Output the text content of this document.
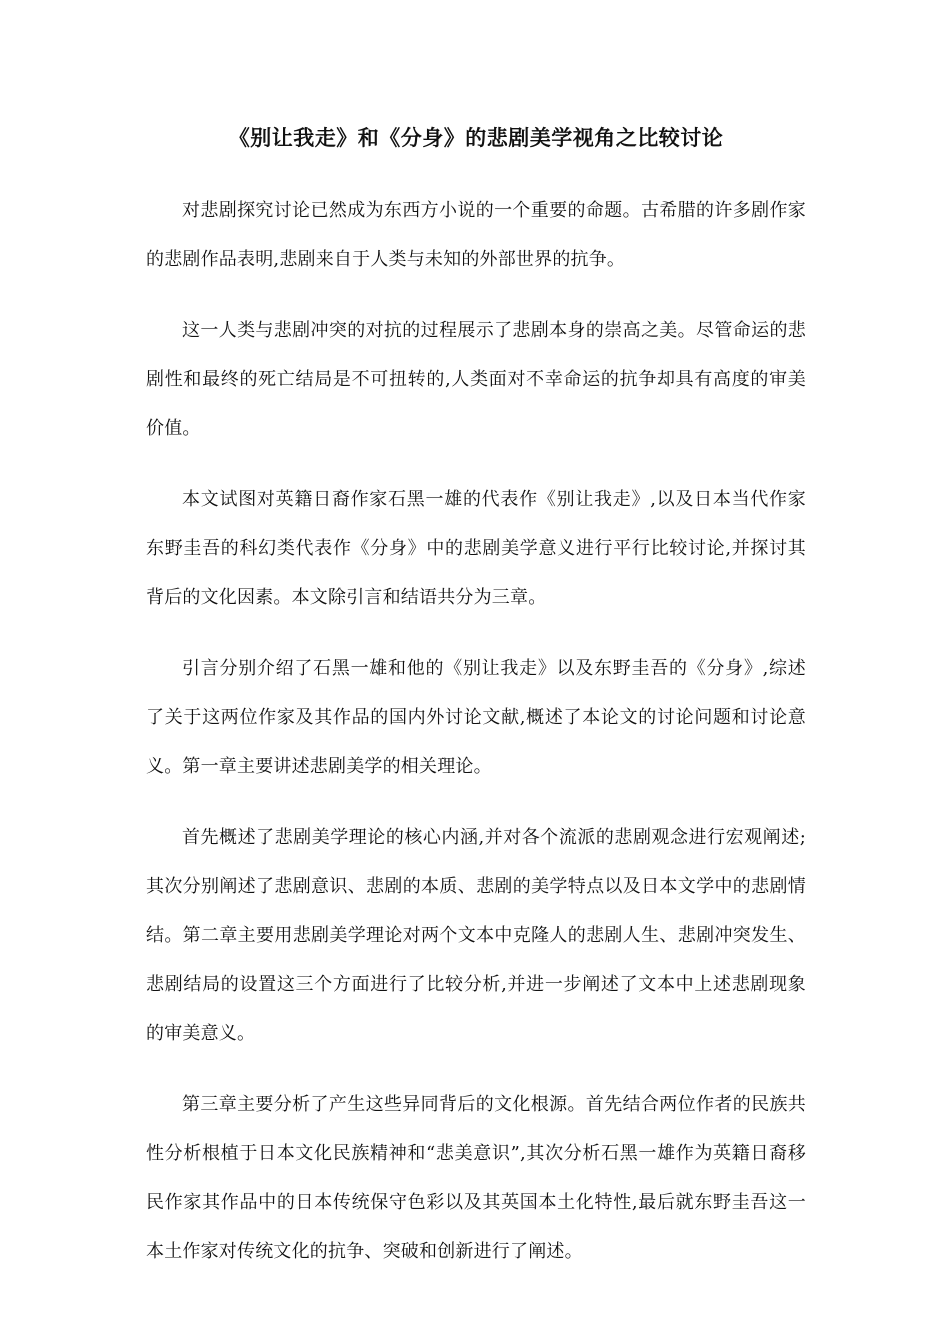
《别让我走》和《分身》的悲剧美学视角之比较讨论

对悲剧探究讨论已然成为东西方小说的一个重要的命题。古希腊的许多剧作家的悲剧作品表明,悲剧来自于人类与未知的外部世界的抗争。

这一人类与悲剧冲突的对抗的过程展示了悲剧本身的崇高之美。尽管命运的悲剧性和最终的死亡结局是不可扭转的,人类面对不幸命运的抗争却具有高度的审美价值。

本文试图对英籍日裔作家石黑一雄的代表作《别让我走》,以及日本当代作家东野圭吾的科幻类代表作《分身》中的悲剧美学意义进行平行比较讨论,并探讨其背后的文化因素。本文除引言和结语共分为三章。

引言分别介绍了石黑一雄和他的《别让我走》以及东野圭吾的《分身》,综述了关于这两位作家及其作品的国内外讨论文献,概述了本论文的讨论问题和讨论意义。第一章主要讲述悲剧美学的相关理论。

首先概述了悲剧美学理论的核心内涵,并对各个流派的悲剧观念进行宏观阐述;其次分别阐述了悲剧意识、悲剧的本质、悲剧的美学特点以及日本文学中的悲剧情结。第二章主要用悲剧美学理论对两个文本中克隆人的悲剧人生、悲剧冲突发生、悲剧结局的设置这三个方面进行了比较分析,并进一步阐述了文本中上述悲剧现象的审美意义。

第三章主要分析了产生这些异同背后的文化根源。首先结合两位作者的民族共性分析根植于日本文化民族精神和“悲美意识”,其次分析石黑一雄作为英籍日裔移民作家其作品中的日本传统保守色彩以及其英国本土化特性,最后就东野圭吾这一本土作家对传统文化的抗争、突破和创新进行了阐述。
